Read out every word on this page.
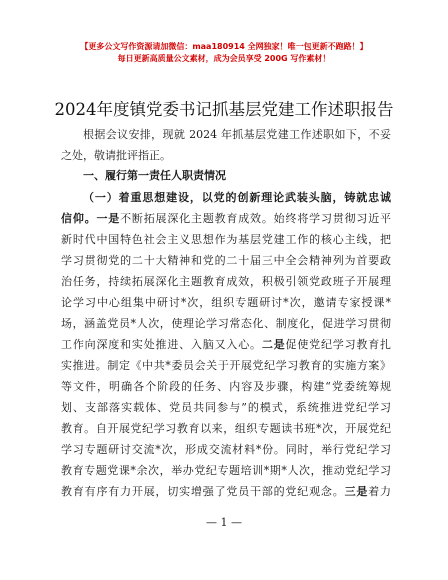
【更多公文写作资源请加微信：maa180914 全网独家！唯一包更新不跑路！】
每日更新高质量公文素材，成为会员享受 200G 写作素材！
2024年度镇党委书记抓基层党建工作述职报告
根据会议安排，现就 2024 年抓基层党建工作述职如下，不妥
之处，敬请批评指正。
一、履行第一责任人职责情况
（一）着重思想建设，以党的创新理论武装头脑，铸就忠诚
信仰。一是不断拓展深化主题教育成效。始终将学习贯彻习近平
新时代中国特色社会主义思想作为基层党建工作的核心主线，把
学习贯彻党的二十大精神和党的二十届三中全会精神列为首要政
治任务，持续拓展深化主题教育成效，积极引领党政班子开展理
论学习中心组集中研讨*次，组织专题研讨*次，邀请专家授课*
场，涵盖党员*人次，使理论学习常态化、制度化，促进学习贯彻
工作向深度和实处推进、入脑又入心。二是促使党纪学习教育扎
实推进。制定《中共*委员会关于开展党纪学习教育的实施方案》
等文件，明确各个阶段的任务、内容及步骤，构建“党委统筹规
划、支部落实载体、党员共同参与”的模式，系统推进党纪学习
教育。自开展党纪学习教育以来，组织专题读书班*次，开展党纪
学习专题研讨交流*次，形成交流材料*份。同时，举行党纪学习
教育专题党课*余次，举办党纪专题培训*期*人次，推动党纪学习
教育有序有力开展，切实增强了党员干部的党纪观念。三是着力
— 1 —
